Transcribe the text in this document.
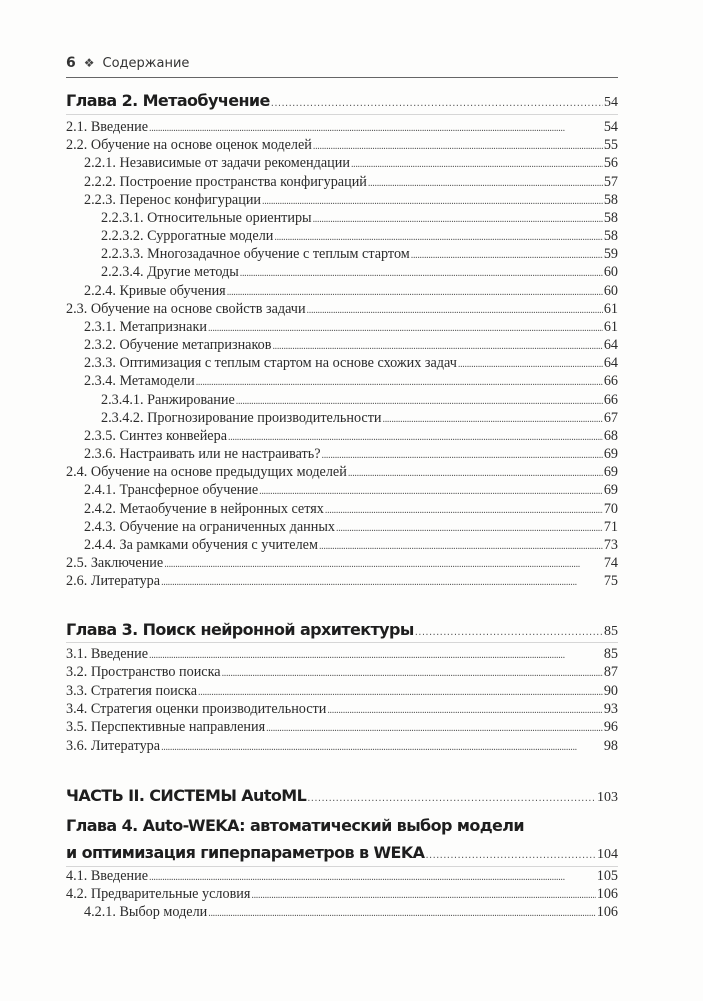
6 ❖ Содержание
Глава 2. Метаобучение . . .	54
2.1. Введение . . .	54
2.2. Обучение на основе оценок моделей . . .	55
2.2.1. Независимые от задачи рекомендации . . .	56
2.2.2. Построение пространства конфигураций . . .	57
2.2.3. Перенос конфигурации . . .	58
2.2.3.1. Относительные ориентиры . . .	58
2.2.3.2. Суррогатные модели . . .	58
2.2.3.3. Многозадачное обучение с теплым стартом . . .	59
2.2.3.4. Другие методы . . .	60
2.2.4. Кривые обучения . . .	60
2.3. Обучение на основе свойств задачи . . .	61
2.3.1. Метапризнаки . . .	61
2.3.2. Обучение метапризнаков . . .	64
2.3.3. Оптимизация с теплым стартом на основе схожих задач . . .	64
2.3.4. Метамодели . . .	66
2.3.4.1. Ранжирование . . .	66
2.3.4.2. Прогнозирование производительности . . .	67
2.3.5. Синтез конвейера . . .	68
2.3.6. Настраивать или не настраивать? . . .	69
2.4. Обучение на основе предыдущих моделей . . .	69
2.4.1. Трансферное обучение . . .	69
2.4.2. Метаобучение в нейронных сетях . . .	70
2.4.3. Обучение на ограниченных данных . . .	71
2.4.4. За рамками обучения с учителем . . .	73
2.5. Заключение . . .	74
2.6. Литература . . .	75
Глава 3. Поиск нейронной архитектуры . . .	85
3.1. Введение . . .	85
3.2. Пространство поиска . . .	87
3.3. Стратегия поиска . . .	90
3.4. Стратегия оценки производительности . . .	93
3.5. Перспективные направления . . .	96
3.6. Литература . . .	98
ЧАСТЬ II. СИСТЕМЫ AutoML . . .	103
Глава 4. Auto-WEKA: автоматический выбор модели
и оптимизация гиперпараметров в WEKA . . .	104
4.1. Введение . . .	105
4.2. Предварительные условия . . .	106
4.2.1. Выбор модели . . .	106
